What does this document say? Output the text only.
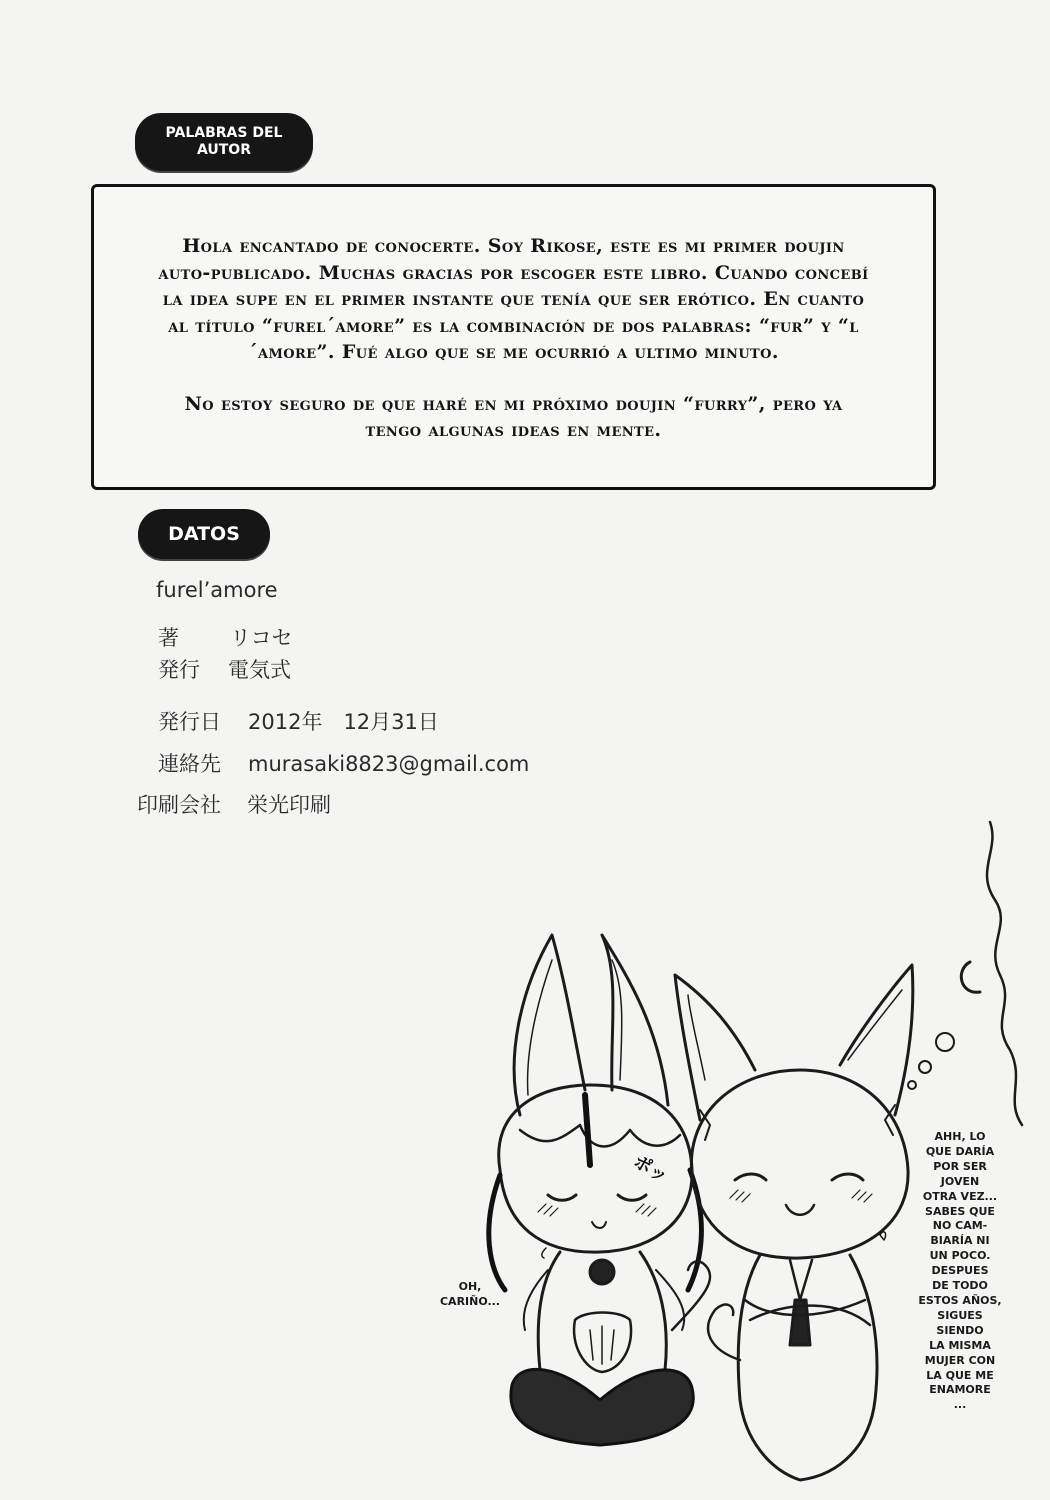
PALABRAS DEL AUTOR

Hola encantado de conocerte. Soy Rikose, este es mi primer doujin auto-publicado. Muchas gracias por escoger este libro. Cuando concebí la idea supe en el primer instante que tenía que ser erótico. En cuanto al título “furel´amore” es la combinación de dos palabras: “fur” y “l´amore”. Fué algo que se me ocurrió a ultimo minuto.

No estoy seguro de que haré en mi próximo doujin “furry”, pero ya tengo algunas ideas en mente.

DATOS
furel’amore
著 リコセ
発行 電気式
発行日 2012年　12月31日
連絡先 murasaki8823@gmail.com
印刷会社 栄光印刷
ポッ
OH,
CARIÑO...
AHH, LO
QUE DARÍA
POR SER
JOVEN
OTRA VEZ...
SABES QUE
NO CAM-
BIARÍA NI
UN POCO.
DESPUES
DE TODO
ESTOS AÑOS,
SIGUES SIENDO
LA MISMA
MUJER CON
LA QUE ME
ENAMORE
...
